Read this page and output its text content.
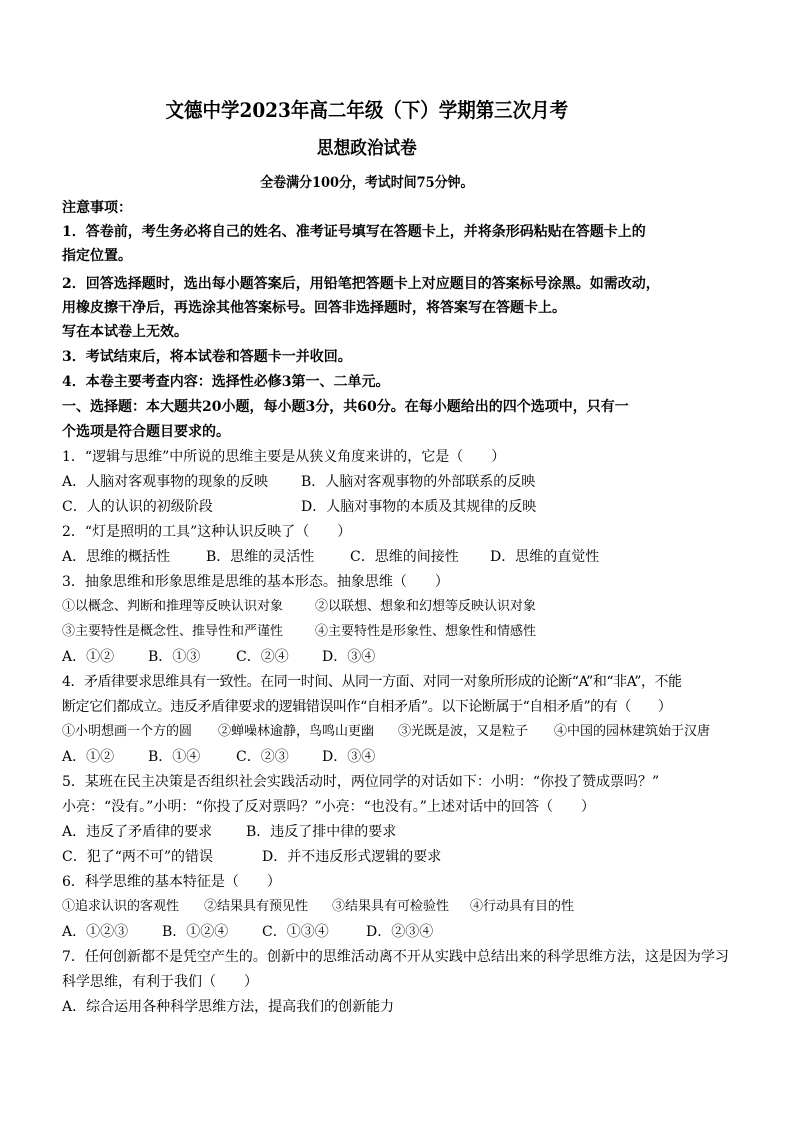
文德中学2023年高二年级（下）学期第三次月考
思想政治试卷
全卷满分100分，考试时间75分钟。
注意事项：
1．答卷前，考生务必将自己的姓名、准考证号填写在答题卡上，并将条形码粘贴在答题卡上的
指定位置。
2．回答选择题时，选出每小题答案后，用铅笔把答题卡上对应题目的答案标号涂黑。如需改动，
用橡皮擦干净后，再选涂其他答案标号。回答非选择题时，将答案写在答题卡上。
写在本试卷上无效。
3．考试结束后，将本试卷和答题卡一并收回。
4．本卷主要考查内容：选择性必修3第一、二单元。
一、选择题：本大题共20小题，每小题3分，共60分。在每小题给出的四个选项中，只有一
个选项是符合题目要求的。
1．“逻辑与思维”中所说的思维主要是从狭义角度来讲的，它是（　　）
A．人脑对客观事物的现象的反映 B．人脑对客观事物的外部联系的反映
C．人的认识的初级阶段	D．人脑对事物的本质及其规律的反映
2．“灯是照明的工具”这种认识反映了（　　）
A．思维的概括性	B．思维的灵活性	C．思维的间接性 D．思维的直觉性
3．抽象思维和形象思维是思维的基本形态。抽象思维（　　）
①以概念、判断和推理等反映认识对象 ②以联想、想象和幻想等反映认识对象
③主要特性是概念性、推导性和严谨性 ④主要特性是形象性、想象性和情感性
A．①② B．①③	C．②④ D．③④
4．矛盾律要求思维具有一致性。在同一时间、从同一方面、对同一对象所形成的论断“A”和“非A”，不能
断定它们都成立。违反矛盾律要求的逻辑错误叫作“自相矛盾”。以下论断属于“自相矛盾”的有（　　）
①小明想画一个方的圆 ②蝉噪林逾静，鸟鸣山更幽 ③光既是波，又是粒子 ④中国的园林建筑始于汉唐
A．①② B．①④	C．②③ D．③④
5．某班在民主决策是否组织社会实践活动时，两位同学的对话如下：小明：“你投了赞成票吗？”
小亮：“没有。”小明：“你投了反对票吗？”小亮：“也没有。”上述对话中的回答（　　）
A．违反了矛盾律的要求 B．违反了排中律的要求
C．犯了“两不可”的错误	D．并不违反形式逻辑的要求
6．科学思维的基本特征是（　　）
①追求认识的客观性 ②结果具有预见性 ③结果具有可检验性 ④行动具有目的性
A．①②③ B．①②④ C．①③④	D．②③④
7．任何创新都不是凭空产生的。创新中的思维活动离不开从实践中总结出来的科学思维方法，这是因为学习
科学思维，有利于我们（　　）
A．综合运用各种科学思维方法，提高我们的创新能力
